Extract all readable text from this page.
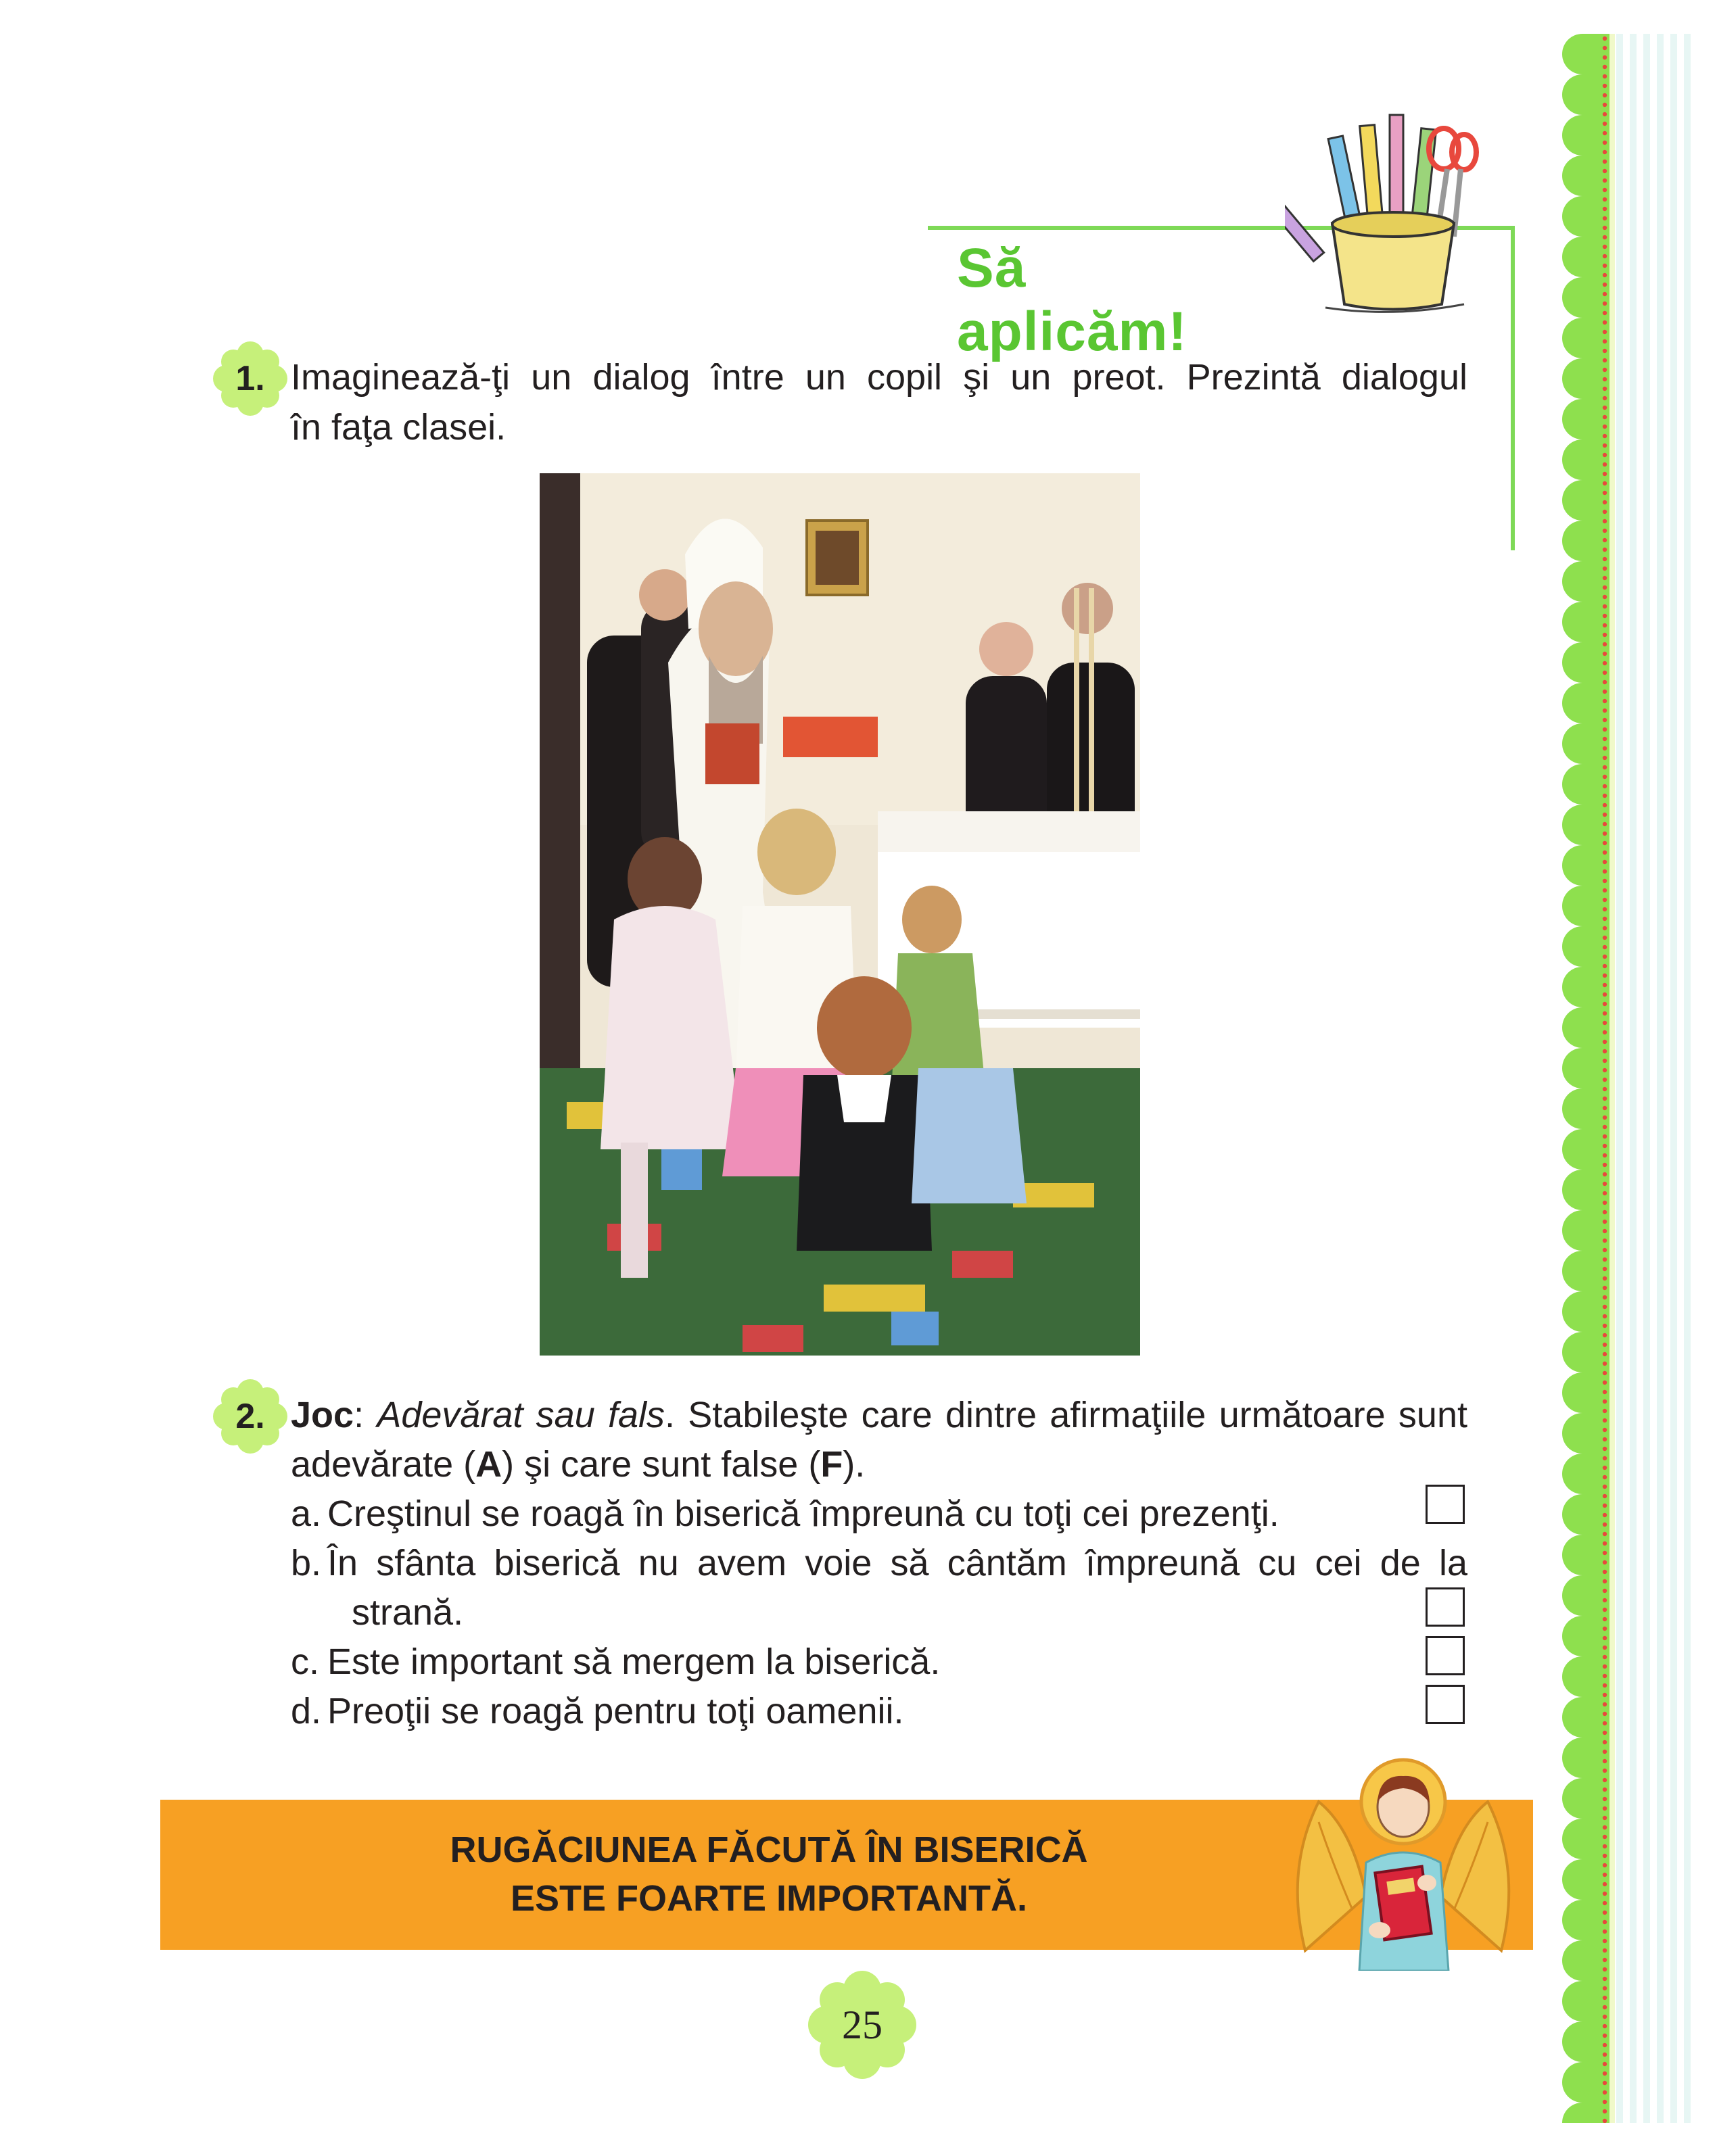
Să aplicăm!
1. Imaginează-ţi un dialog între un copil şi un preot. Prezintă dialogul
în faţa clasei.
2. Joc: Adevărat sau fals. Stabileşte care dintre afirmaţiile următoare sunt
adevărate (A) şi care sunt false (F).
a. Creştinul se roagă în biserică împreună cu toţi cei prezenţi.
b. În sfânta biserică nu avem voie să cântăm împreună cu cei de la
strană.
c. Este important să mergem la biserică.
d. Preoţii se roagă pentru toţi oamenii.
RUGĂCIUNEA FĂCUTĂ ÎN BISERICĂ
ESTE FOARTE IMPORTANTĂ.
25
